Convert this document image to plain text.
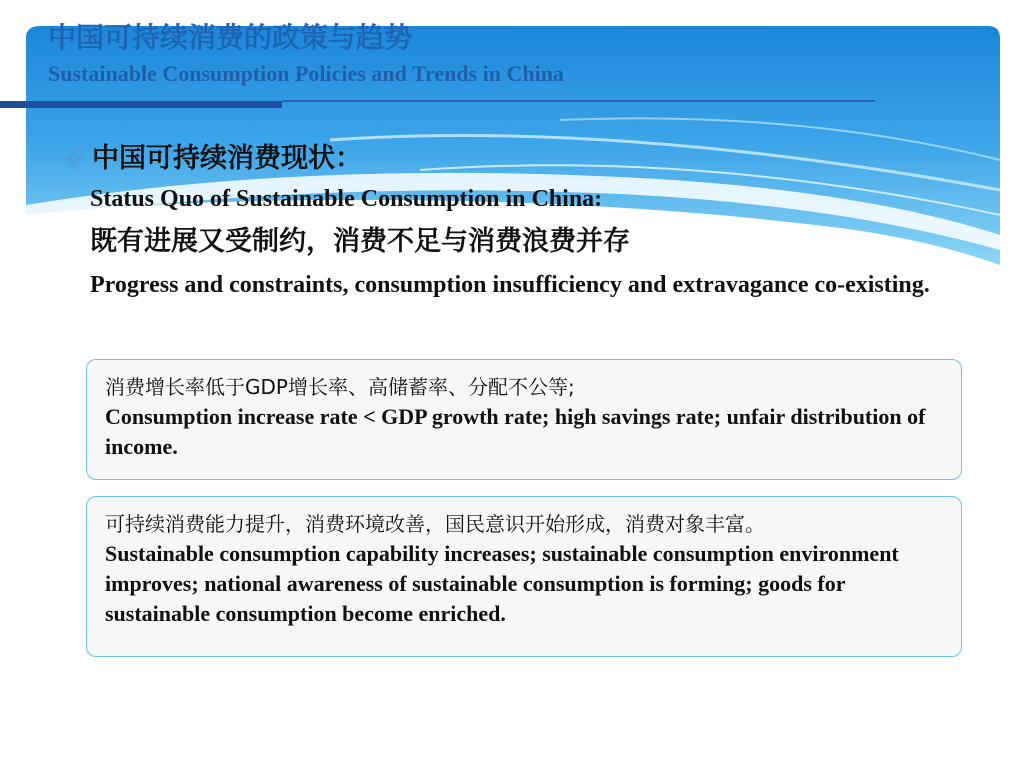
中国可持续消费的政策与趋势
Sustainable Consumption Policies and Trends in China

中国可持续消费现状：

Status Quo of Sustainable Consumption in China:

既有进展又受制约，消费不足与消费浪费并存

Progress and constraints, consumption insufficiency and extravagance co-existing.

消费增长率低于GDP增长率、高储蓄率、分配不公等;

Consumption increase rate < GDP growth rate; high savings rate; unfair distribution of income.

可持续消费能力提升，消费环境改善，国民意识开始形成，消费对象丰富。

Sustainable consumption capability increases; sustainable consumption environment improves; national awareness of sustainable consumption is forming; goods for sustainable consumption become enriched.
